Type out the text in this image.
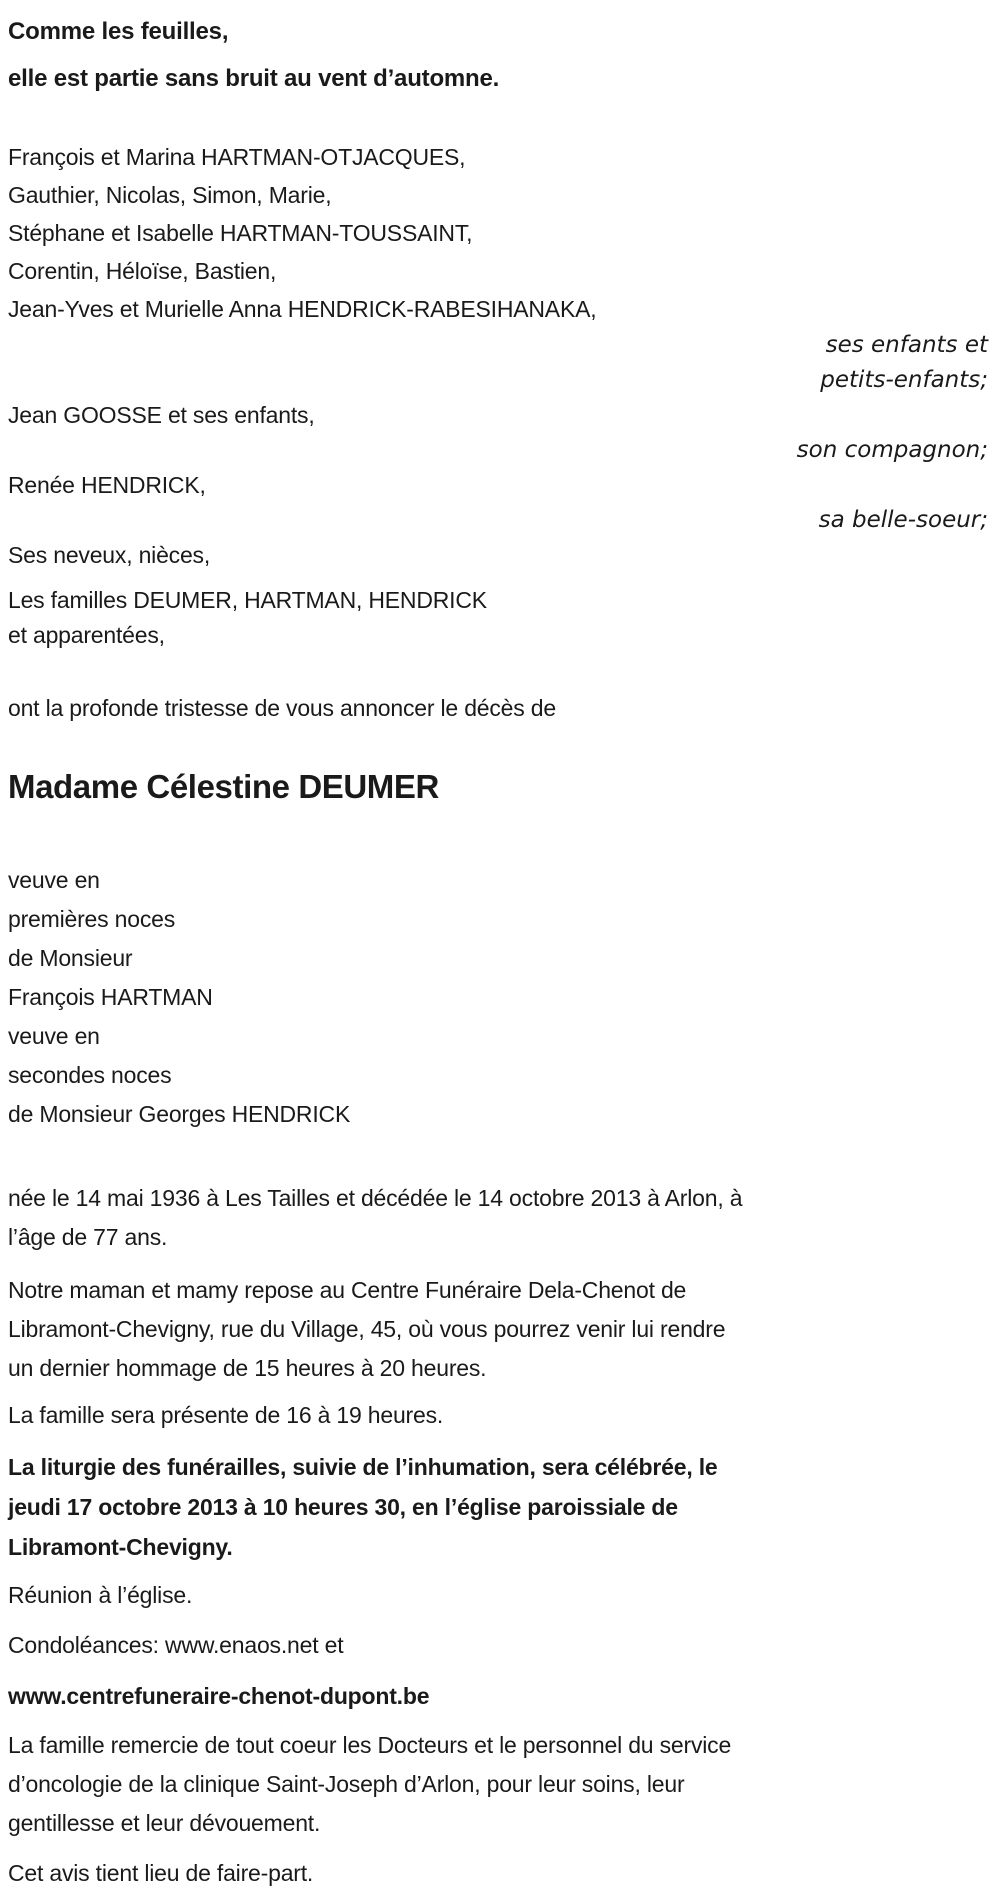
Comme les feuilles,
elle est partie sans bruit au vent d’automne.
François et Marina HARTMAN-OTJACQUES,
Gauthier, Nicolas, Simon, Marie,
Stéphane et Isabelle HARTMAN-TOUSSAINT,
Corentin, Héloïse, Bastien,
Jean-Yves et Murielle Anna HENDRICK-RABESIHANAKA,
ses enfants et
petits-enfants;
Jean GOOSSE et ses enfants,
son compagnon;
Renée HENDRICK,
sa belle-soeur;
Ses neveux, nièces,
Les familles DEUMER, HARTMAN, HENDRICK
et apparentées,
ont la profonde tristesse de vous annoncer le décès de
Madame Célestine DEUMER
veuve en
premières noces
de Monsieur
François HARTMAN
veuve en
secondes noces
de Monsieur Georges HENDRICK
née le 14 mai 1936 à Les Tailles et décédée le 14 octobre 2013 à Arlon, à
l’âge de 77 ans.
Notre maman et mamy repose au Centre Funéraire Dela-Chenot de
Libramont-Chevigny, rue du Village, 45, où vous pourrez venir lui rendre
un dernier hommage de 15 heures à 20 heures.
La famille sera présente de 16 à 19 heures.
La liturgie des funérailles, suivie de l’inhumation, sera célébrée, le
jeudi 17 octobre 2013 à 10 heures 30, en l’église paroissiale de
Libramont-Chevigny.
Réunion à l’église.
Condoléances: www.enaos.net et
www.centrefuneraire-chenot-dupont.be
La famille remercie de tout coeur les Docteurs et le personnel du service
d’oncologie de la clinique Saint-Joseph d’Arlon, pour leur soins, leur
gentillesse et leur dévouement.
Cet avis tient lieu de faire-part.
